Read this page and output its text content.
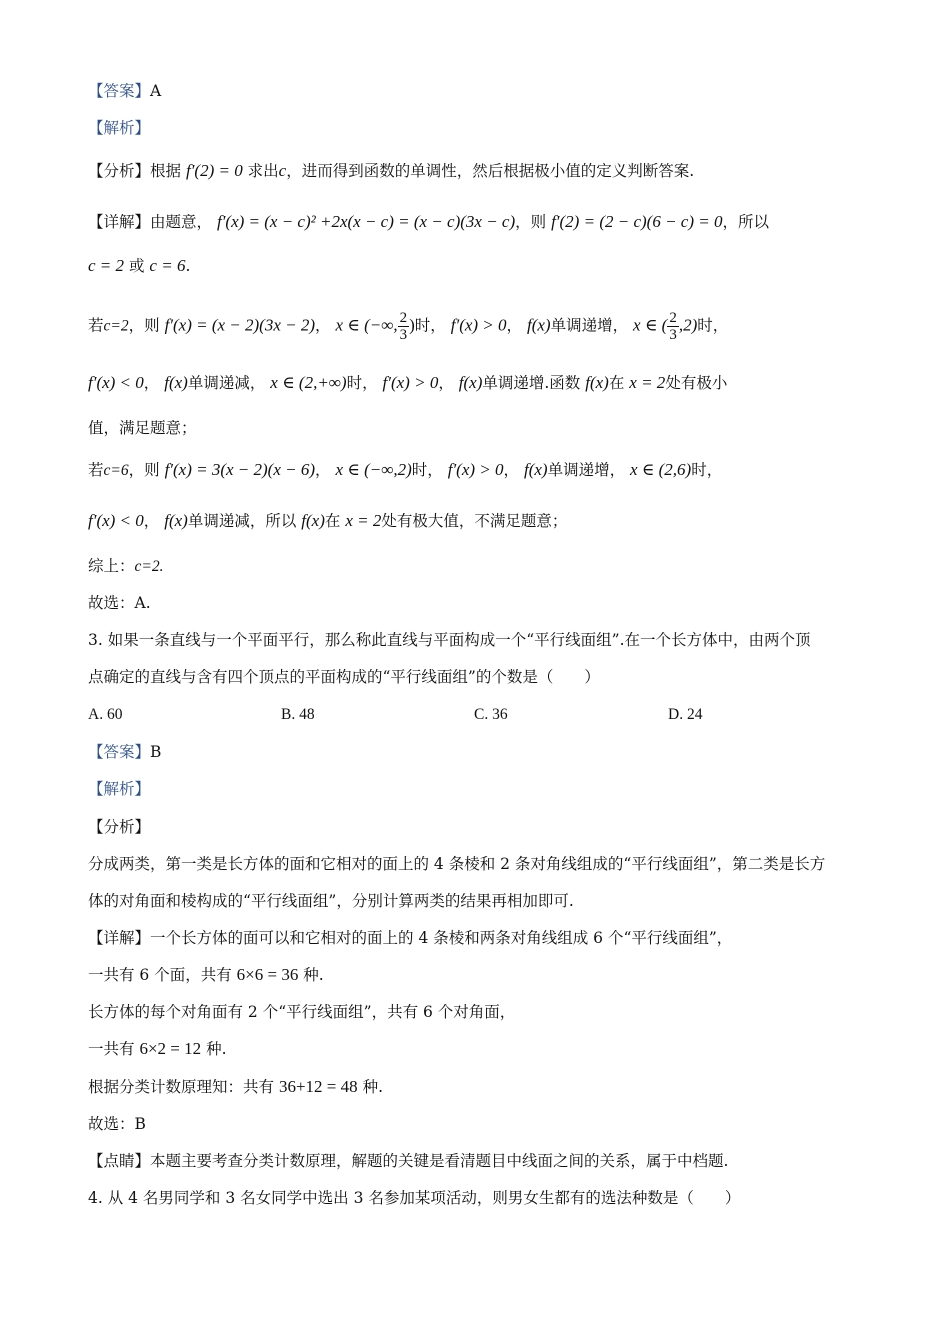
【答案】A
【解析】
【分析】根据 f′(2) = 0 求出c，进而得到函数的单调性，然后根据极小值的定义判断答案.
【详解】由题意， f′(x) = (x − c)² +2x(x − c) = (x − c)(3x − c)，则 f′(2) = (2 − c)(6 − c) = 0，所以
c = 2 或 c = 6.
若c=2，则 f′(x) = (x − 2)(3x − 2)， x ∈ (−∞, $\frac{2}{3}$ )时， f′(x) > 0， f(x)单调递增， x ∈ ( $\frac{2}{3} ,2$)时，
f′(x) < 0， f(x)单调递减， x ∈ (2,+∞)时， f′(x) > 0， f(x)单调递增.函数 f(x)在 x = 2处有极小
值，满足题意；
若c=6，则 f′(x) = 3(x − 2)(x − 6)， x ∈ (−∞,2)时， f′(x) > 0， f(x)单调递增， x ∈ (2,6)时，
f′(x) < 0， f(x)单调递减，所以 f(x)在 x = 2处有极大值，不满足题意；
综上：c=2.
故选：A.
3. 如果一条直线与一个平面平行，那么称此直线与平面构成一个“平行线面组”.在一个长方体中，由两个顶
点确定的直线与含有四个顶点的平面构成的“平行线面组”的个数是（　　）
A. 60	B. 48	C. 36	D. 24
【答案】B
【解析】
【分析】
分成两类，第一类是长方体的面和它相对的面上的 4 条棱和 2 条对角线组成的“平行线面组”，第二类是长方
体的对角面和棱构成的“平行线面组”，分别计算两类的结果再相加即可.
【详解】一个长方体的面可以和它相对的面上的 4 条棱和两条对角线组成 6 个“平行线面组”，
一共有 6 个面，共有 6×6 = 36 种.
长方体的每个对角面有 2 个“平行线面组”，共有 6 个对角面，
一共有 6×2 = 12 种.
根据分类计数原理知：共有 36+12 = 48 种.
故选：B
【点睛】本题主要考查分类计数原理，解题的关键是看清题目中线面之间的关系，属于中档题.
4. 从 4 名男同学和 3 名女同学中选出 3 名参加某项活动，则男女生都有的选法种数是（　　）
